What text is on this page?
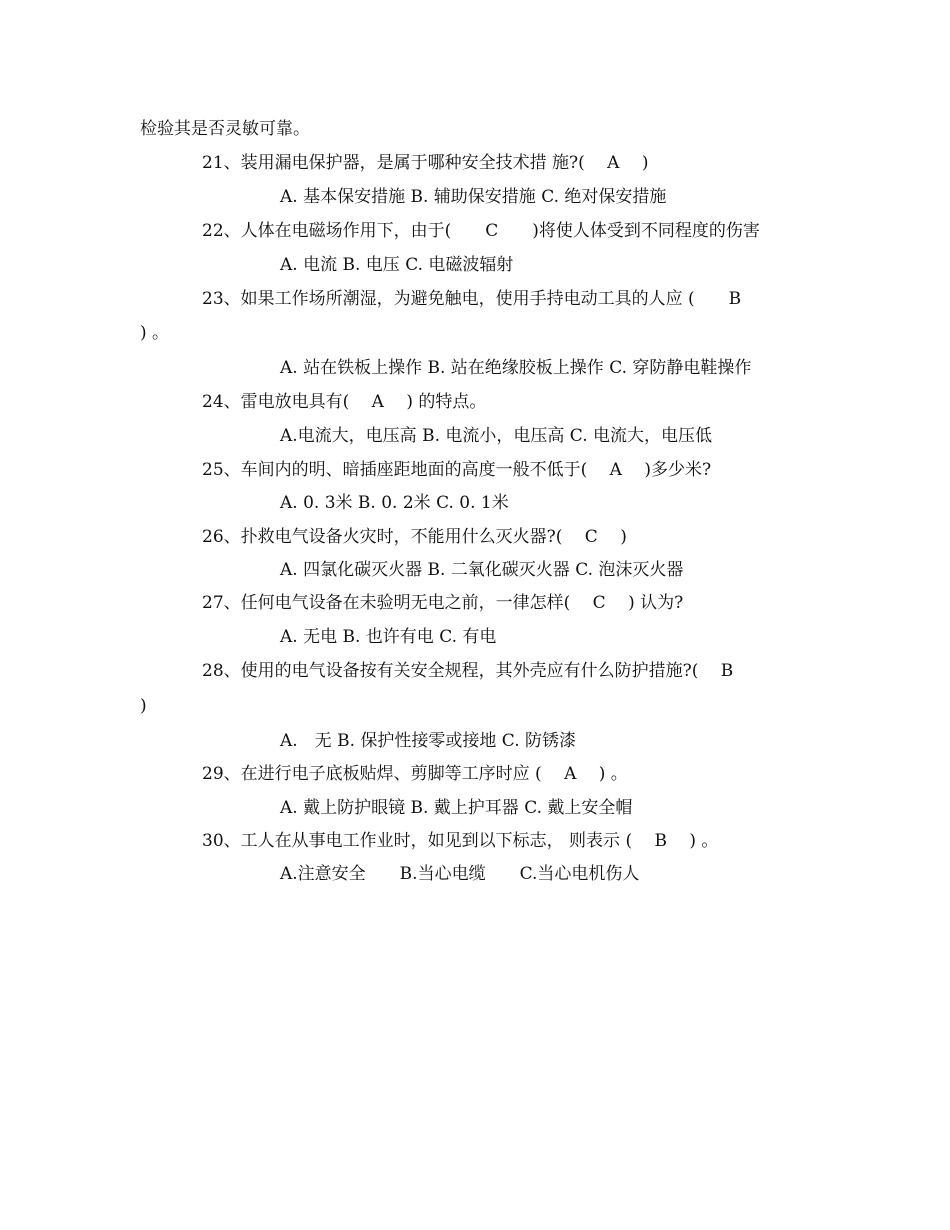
检验其是否灵敏可靠。
21、装用漏电保护器，是属于哪种安全技术措 施?(　 A　 )
A. 基本保安措施 B. 辅助保安措施 C. 绝对保安措施
22、人体在电磁场作用下，由于(　　C　　)将使人体受到不同程度的伤害
A. 电流 B. 电压 C. 电磁波辐射
23、如果工作场所潮湿，为避免触电，使用手持电动工具的人应 (　　B
) 。
A. 站在铁板上操作 B. 站在绝缘胶板上操作 C. 穿防静电鞋操作
24、雷电放电具有(　 A　 ) 的特点。
A.电流大，电压高 B. 电流小，电压高 C. 电流大，电压低
25、车间内的明、暗插座距地面的高度一般不低于(　 A　 )多少米?
A. 0. 3米 B. 0. 2米 C. 0. 1米
26、扑救电气设备火灾时，不能用什么灭火器?(　 C　 )
A. 四氯化碳灭火器 B. 二氧化碳灭火器 C. 泡沫灭火器
27、任何电气设备在未验明无电之前，一律怎样(　 C　 ) 认为?
A. 无电 B. 也许有电 C. 有电
28、使用的电气设备按有关安全规程，其外壳应有什么防护措施?(　 B
)
A.　无 B. 保护性接零或接地 C. 防锈漆
29、在进行电子底板贴焊、剪脚等工序时应 (　 A　 ) 。
A. 戴上防护眼镜 B. 戴上护耳器 C. 戴上安全帽
30、工人在从事电工作业时，如见到以下标志， 则表示 (　 B　 ) 。
A.注意安全　　B.当心电缆　　C.当心电机伤人
